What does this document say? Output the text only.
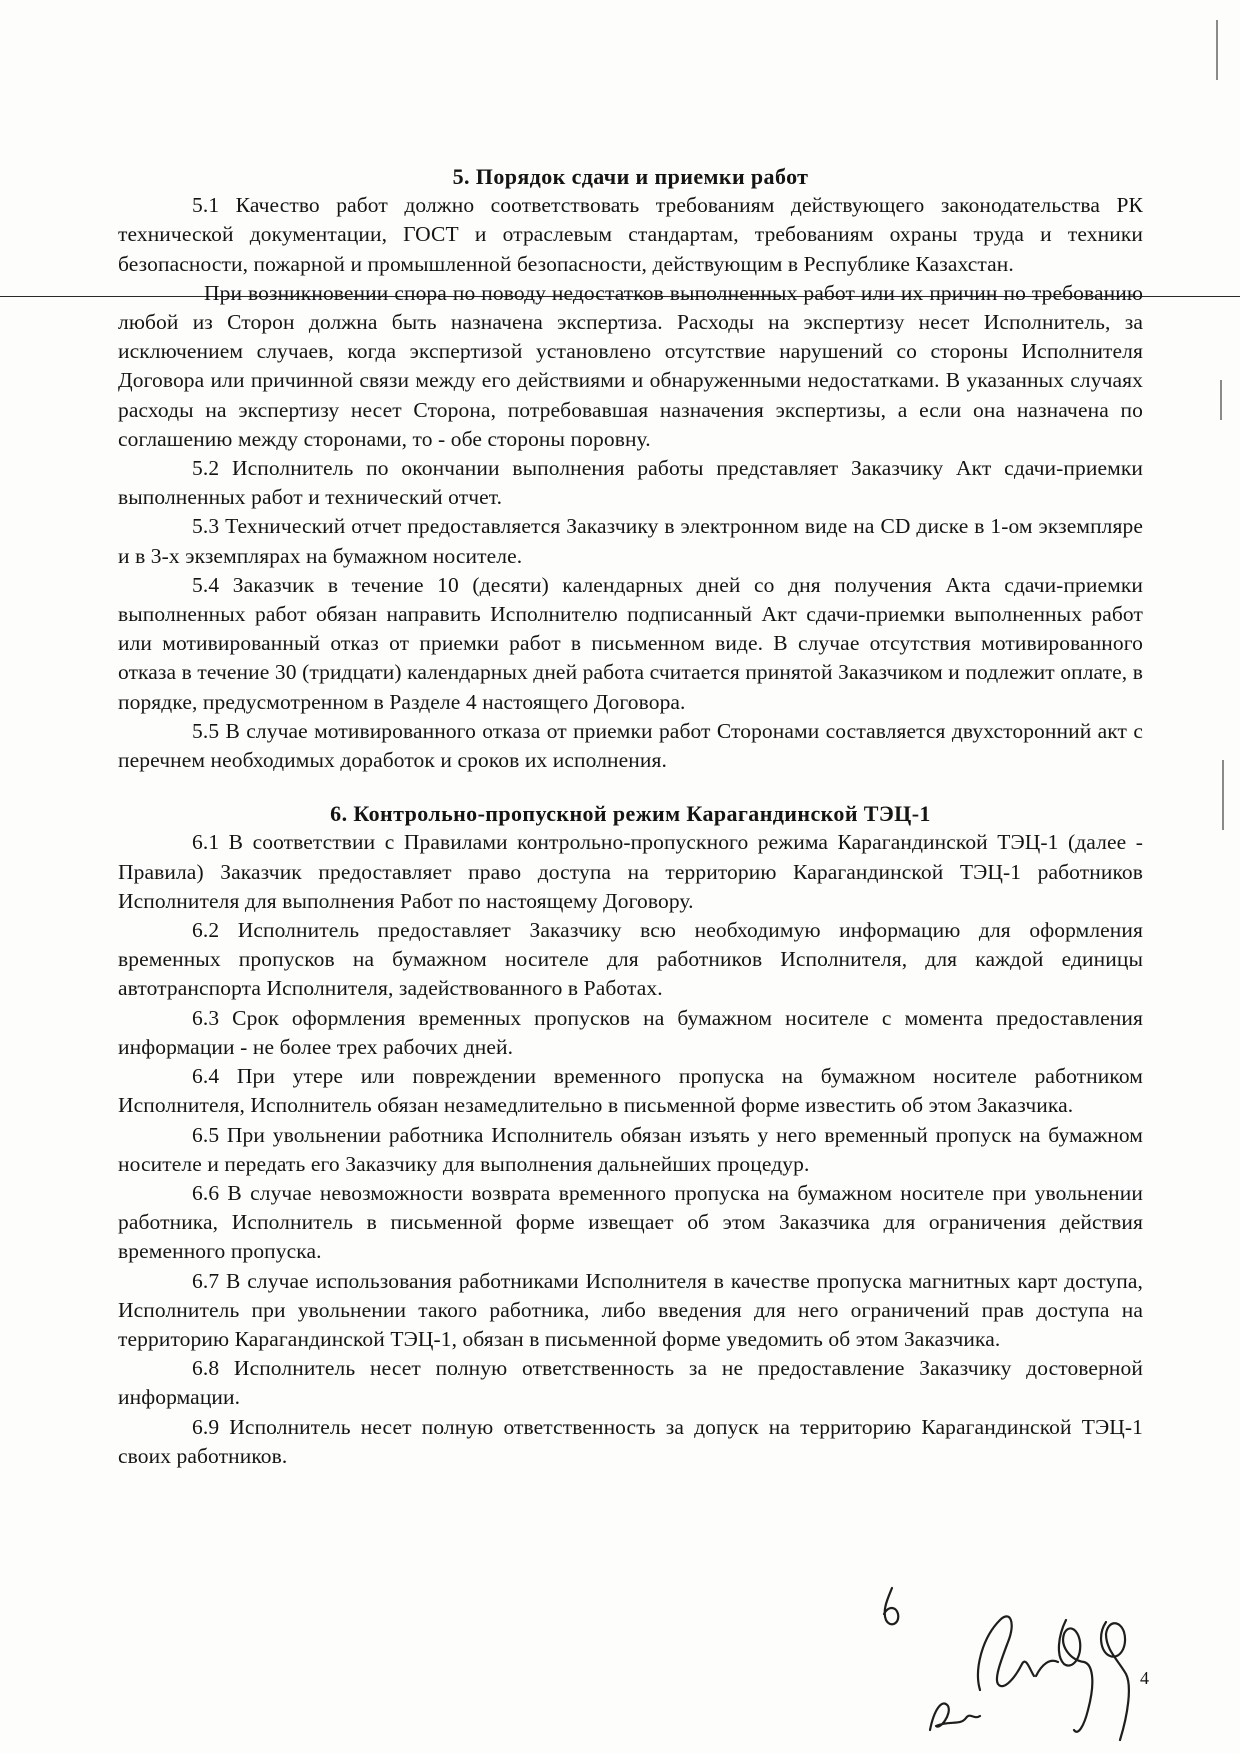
5. Порядок сдачи и приемки работ

5.1 Качество работ должно соответствовать требованиям действующего законодательства РК технической документации, ГОСТ и отраслевым стандартам, требованиям охраны труда и техники безопасности, пожарной и промышленной безопасности, действующим в Республике Казахстан.

При возникновении спора по поводу недостатков выполненных работ или их причин по требованию любой из Сторон должна быть назначена экспертиза. Расходы на экспертизу несет Исполнитель, за исключением случаев, когда экспертизой установлено отсутствие нарушений со стороны Исполнителя Договора или причинной связи между его действиями и обнаруженными недостатками. В указанных случаях расходы на экспертизу несет Сторона, потребовавшая назначения экспертизы, а если она назначена по соглашению между сторонами, то - обе стороны поровну.

5.2 Исполнитель по окончании выполнения работы представляет Заказчику Акт сдачи-приемки выполненных работ и технический отчет.

5.3 Технический отчет предоставляется Заказчику в электронном виде на CD диске в 1-ом экземпляре и в 3-х экземплярах на бумажном носителе.

5.4 Заказчик в течение 10 (десяти) календарных дней со дня получения Акта сдачи-приемки выполненных работ обязан направить Исполнителю подписанный Акт сдачи-приемки выполненных работ или мотивированный отказ от приемки работ в письменном виде. В случае отсутствия мотивированного отказа в течение 30 (тридцати) календарных дней работа считается принятой Заказчиком и подлежит оплате, в порядке, предусмотренном в Разделе 4 настоящего Договора.

5.5 В случае мотивированного отказа от приемки работ Сторонами составляется двухсторонний акт с перечнем необходимых доработок и сроков их исполнения.

6. Контрольно-пропускной режим Карагандинской ТЭЦ-1

6.1 В соответствии с Правилами контрольно-пропускного режима Карагандинской ТЭЦ-1 (далее - Правила) Заказчик предоставляет право доступа на территорию Карагандинской ТЭЦ-1 работников Исполнителя для выполнения Работ по настоящему Договору.

6.2 Исполнитель предоставляет Заказчику всю необходимую информацию для оформления временных пропусков на бумажном носителе для работников Исполнителя, для каждой единицы автотранспорта Исполнителя, задействованного в Работах.

6.3 Срок оформления временных пропусков на бумажном носителе с момента предоставления информации - не более трех рабочих дней.

6.4 При утере или повреждении временного пропуска на бумажном носителе работником Исполнителя, Исполнитель обязан незамедлительно в письменной форме известить об этом Заказчика.

6.5 При увольнении работника Исполнитель обязан изъять у него временный пропуск на бумажном носителе и передать его Заказчику для выполнения дальнейших процедур.

6.6 В случае невозможности возврата временного пропуска на бумажном носителе при увольнении работника, Исполнитель в письменной форме извещает об этом Заказчика для ограничения действия временного пропуска.

6.7 В случае использования работниками Исполнителя в качестве пропуска магнитных карт доступа, Исполнитель при увольнении такого работника, либо введения для него ограничений прав доступа на территорию Карагандинской ТЭЦ-1, обязан в письменной форме уведомить об этом Заказчика.

6.8 Исполнитель несет полную ответственность за не предоставление Заказчику достоверной информации.

6.9 Исполнитель несет полную ответственность за допуск на территорию Карагандинской ТЭЦ-1 своих работников.

4
